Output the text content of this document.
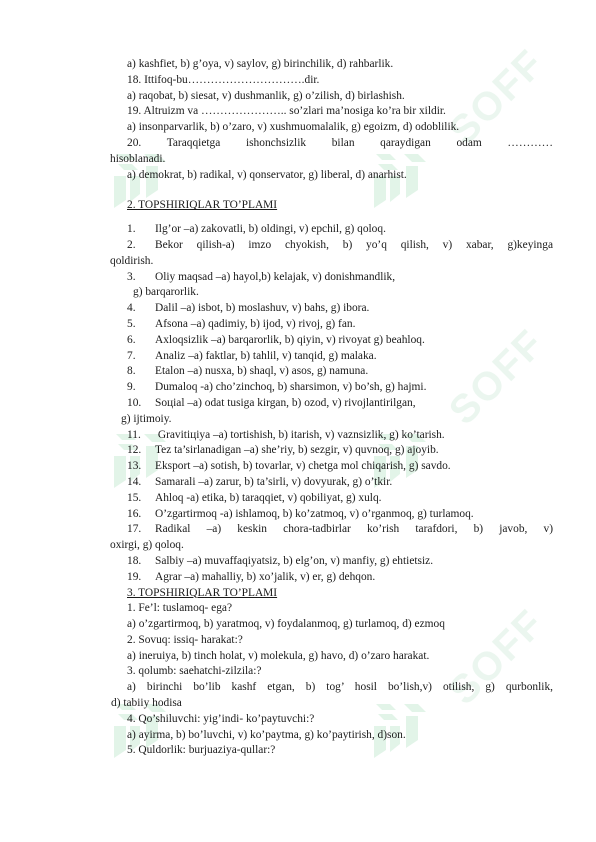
SOFF
SOFF
SOFF
a) kashfiet, b) g’oya, v) saylov, g) birinchilik, d) rahbarlik.
18. Ittifoq-bu………………………….dir.
a) raqobat, b) siesat, v) dushmanlik, g) o’zilish, d) birlashish.
19. Altruizm va ………………….. so’zlari ma’nosiga ko’ra bir xildir.
a) insonparvarlik, b) o’zaro, v) xushmuomalalik, g) egoizm, d) odoblilik.
20. Taraqqietga ishonchsizlik bilan qaraydigan odam …………
hisoblanadi.
a) demokrat, b) radikal, v) qonservator, g) liberal, d) anarhist.
2. TOPSHIRIQLAR TO’PLAMI
1. Ilg’or –a) zakovatli, b) oldingi, v) epchil, g) qoloq.
2. Bekor qilish-a) imzo chyokish, b) yo’q qilish, v) xabar, g)keyinga
qoldirish.
3. Oliy maqsad –a) hayol,b) kelajak, v) donishmandlik,
g) barqarorlik.
4. Dalil –a) isbot, b) moslashuv, v) bahs, g) ibora.
5. Afsona –a) qadimiy, b) ijod, v) rivoj, g) fan.
6. Axloqsizlik –a) barqarorlik, b) qiyin, v) rivoyat g) beahloq.
7. Analiz –a) faktlar, b) tahlil, v) tanqid, g) malaka.
8. Etalon –a) nusxa, b) shaql, v) asos, g) namuna.
9. Dumaloq -a) cho’zinchoq, b) sharsimon, v) bo’sh, g) hajmi.
10. Soцial –a) odat tusiga kirgan, b) ozod, v) rivojlantirilgan,
g) ijtimoiy.
11. Gravitiцiya –a) tortishish, b) itarish, v) vaznsizlik, g) ko’tarish.
12. Tez ta’sirlanadigan –a) she’riy, b) sezgir, v) quvnoq, g) ajoyib.
13. Eksport –a) sotish, b) tovarlar, v) chetga mol chiqarish, g) savdo.
14. Samarali –a) zarur, b) ta’sirli, v) dovyurak, g) o’tkir.
15. Ahloq -a) etika, b) taraqqiet, v) qobiliyat, g) xulq.
16. O’zgartirmoq -a) ishlamoq, b) ko’zatmoq, v) o’rganmoq, g) turlamoq.
17. Radikal –a) keskin chora-tadbirlar ko’rish tarafdori, b) javob, v)
oxirgi, g) qoloq.
18. Salbiy –a) muvaffaqiyatsiz, b) elg’on, v) manfiy, g) ehtietsiz.
19. Agrar –a) mahalliy, b) xo’jalik, v) er, g) dehqon.
3. TOPSHIRIQLAR TO’PLAMI
1. Fe’l: tuslamoq- ega?
a) o’zgartirmoq, b) yaratmoq, v) foydalanmoq, g) turlamoq, d) ezmoq
2. Sovuq: issiq- harakat:?
a) ineruiya, b) tinch holat, v) molekula, g) havo, d) o’zaro harakat.
3. qolumb: saehatchi-zilzila:?
a) birinchi bo’lib kashf etgan, b) tog’ hosil bo’lish,v) otilish, g) qurbonlik,
d) tabiiy hodisa
4. Qo’shiluvchi: yig’indi- ko’paytuvchi:?
a) ayirma, b) bo’luvchi, v) ko’paytma, g) ko’paytirish, d)son.
5. Quldorlik: burjuaziya-qullar:?
